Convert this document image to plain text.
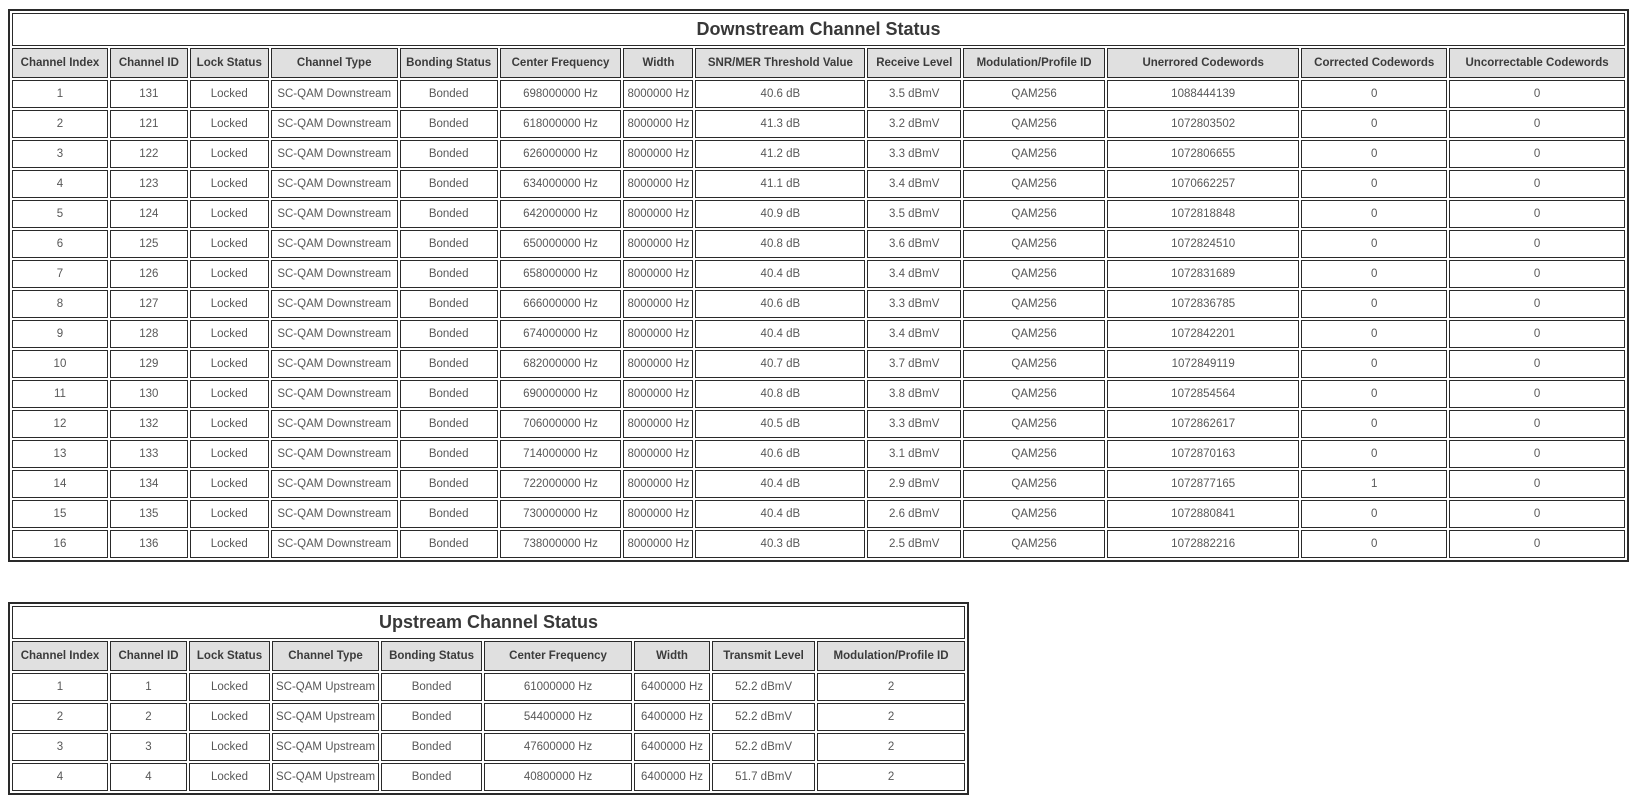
Downstream Channel Status												
Channel Index	Channel ID	Lock Status	Channel Type	Bonding Status	Center Frequency	Width	SNR/MER Threshold Value	Receive Level	Modulation/Profile ID	Unerrored Codewords	Corrected Codewords	Uncorrectable Codewords
1	131	Locked	SC-QAM Downstream	Bonded	698000000 Hz	8000000 Hz	40.6 dB	3.5 dBmV	QAM256	1088444139	0	0
2	121	Locked	SC-QAM Downstream	Bonded	618000000 Hz	8000000 Hz	41.3 dB	3.2 dBmV	QAM256	1072803502	0	0
3	122	Locked	SC-QAM Downstream	Bonded	626000000 Hz	8000000 Hz	41.2 dB	3.3 dBmV	QAM256	1072806655	0	0
4	123	Locked	SC-QAM Downstream	Bonded	634000000 Hz	8000000 Hz	41.1 dB	3.4 dBmV	QAM256	1070662257	0	0
5	124	Locked	SC-QAM Downstream	Bonded	642000000 Hz	8000000 Hz	40.9 dB	3.5 dBmV	QAM256	1072818848	0	0
6	125	Locked	SC-QAM Downstream	Bonded	650000000 Hz	8000000 Hz	40.8 dB	3.6 dBmV	QAM256	1072824510	0	0
7	126	Locked	SC-QAM Downstream	Bonded	658000000 Hz	8000000 Hz	40.4 dB	3.4 dBmV	QAM256	1072831689	0	0
8	127	Locked	SC-QAM Downstream	Bonded	666000000 Hz	8000000 Hz	40.6 dB	3.3 dBmV	QAM256	1072836785	0	0
9	128	Locked	SC-QAM Downstream	Bonded	674000000 Hz	8000000 Hz	40.4 dB	3.4 dBmV	QAM256	1072842201	0	0
10	129	Locked	SC-QAM Downstream	Bonded	682000000 Hz	8000000 Hz	40.7 dB	3.7 dBmV	QAM256	1072849119	0	0
11	130	Locked	SC-QAM Downstream	Bonded	690000000 Hz	8000000 Hz	40.8 dB	3.8 dBmV	QAM256	1072854564	0	0
12	132	Locked	SC-QAM Downstream	Bonded	706000000 Hz	8000000 Hz	40.5 dB	3.3 dBmV	QAM256	1072862617	0	0
13	133	Locked	SC-QAM Downstream	Bonded	714000000 Hz	8000000 Hz	40.6 dB	3.1 dBmV	QAM256	1072870163	0	0
14	134	Locked	SC-QAM Downstream	Bonded	722000000 Hz	8000000 Hz	40.4 dB	2.9 dBmV	QAM256	1072877165	1	0
15	135	Locked	SC-QAM Downstream	Bonded	730000000 Hz	8000000 Hz	40.4 dB	2.6 dBmV	QAM256	1072880841	0	0
16	136	Locked	SC-QAM Downstream	Bonded	738000000 Hz	8000000 Hz	40.3 dB	2.5 dBmV	QAM256	1072882216	0	0
Upstream Channel Status								
Channel Index	Channel ID	Lock Status	Channel Type	Bonding Status	Center Frequency	Width	Transmit Level	Modulation/Profile ID
1	1	Locked	SC-QAM Upstream	Bonded	61000000 Hz	6400000 Hz	52.2 dBmV	2
2	2	Locked	SC-QAM Upstream	Bonded	54400000 Hz	6400000 Hz	52.2 dBmV	2
3	3	Locked	SC-QAM Upstream	Bonded	47600000 Hz	6400000 Hz	52.2 dBmV	2
4	4	Locked	SC-QAM Upstream	Bonded	40800000 Hz	6400000 Hz	51.7 dBmV	2
